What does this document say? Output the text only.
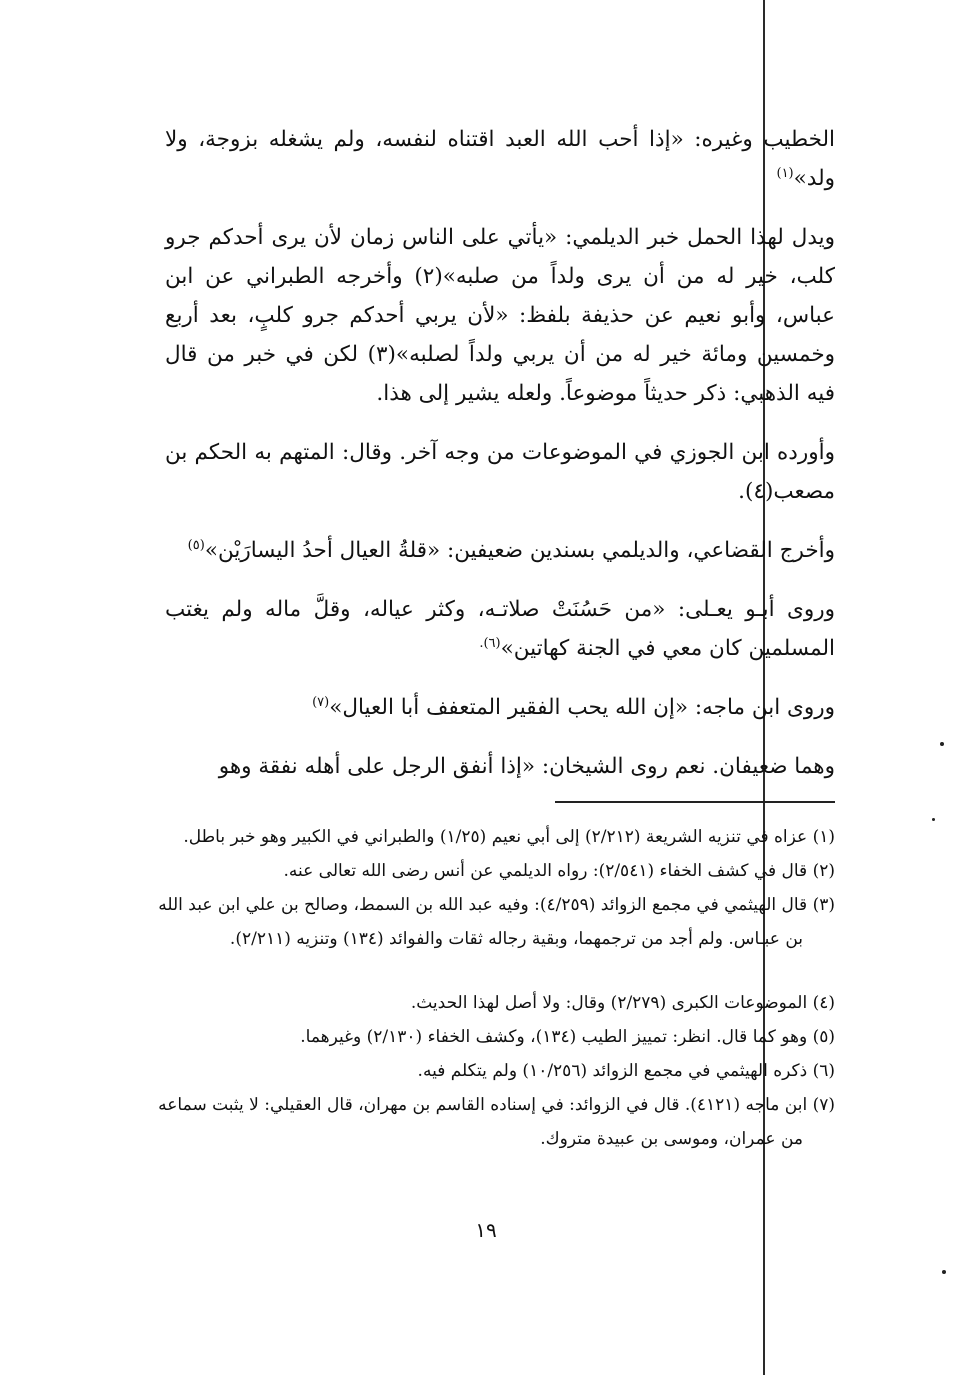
الخطيب وغيره: «إذا أحب الله العبد اقتناه لنفسه، ولم يشغله بزوجة، ولا ولد»$^{(١)}$

ويدل لهذا الحمل خبر الديلمي: «يأتي على الناس زمان لأن يرى أحدكم جرو كلب، خير له من أن يرى ولداً من صلبه»(٢) وأخرجه الطبراني عن ابن عباس، وأبو نعيم عن حذيفة بلفظ: «لأن يربي أحدكم جرو كلبٍ، بعد أربع وخمسين ومائة خير له من أن يربي ولداً لصلبه»(٣) لكن في خبر من قال فيه الذهبي: ذكر حديثاً موضوعاً. ولعله يشير إلى هذا.

وأورده ابن الجوزي في الموضوعات من وجه آخر. وقال: المتهم به الحكم بن مصعب(٤).

وأخرج القضاعي، والديلمي بسندين ضعيفين: «قلةُ العيال أحدُ اليسارَيْن»$^{(٥)}$

وروى أبـو يعـلى: «من حَسُنَتْ صلاتـه، وكثر عياله، وقلَّ ماله ولم يغتب المسلمين كان معي في الجنة كهاتين»$^{(٦).}$

وروى ابن ماجه: «إن الله يحب الفقير المتعفف أبا العيال»$^{(٧)}$

وهما ضعيفان. نعم روى الشيخان: «إذا أنفق الرجل على أهله نفقة وهو

(١) عزاه في تنزيه الشريعة (٢/٢١٢) إلى أبي نعيم (١/٢٥) والطبراني في الكبير وهو خبر باطل.

(٢) قال في كشف الخفاء (٢/٥٤١): رواه الديلمي عن أنس رضى الله تعالى عنه.

(٣) قال الهيثمي في مجمع الزوائد (٤/٢٥٩): وفيه عبد الله بن السمط، وصالح بن علي ابن عبد الله بن عبـاس. ولم أجد من ترجمهما، وبقية رجاله ثقات والفوائد (١٣٤) وتنزيه (٢/٢١١).

(٤) الموضوعات الكبرى (٢/٢٧٩) وقال: ولا أصل لهذا الحديث.

(٥) وهو كما قال. انظر: تمييز الطيب (١٣٤)، وكشف الخفاء (٢/١٣٠) وغيرهما.

(٦) ذكره الهيثمي في مجمع الزوائد (١٠/٢٥٦) ولم يتكلم فيه.

(٧) ابن ماجه (٤١٢١). قال في الزوائد: في إسناده القاسم بن مهران، قال العقيلي: لا يثبت سماعه من عمران، وموسى بن عبيدة متروك.

١٩
